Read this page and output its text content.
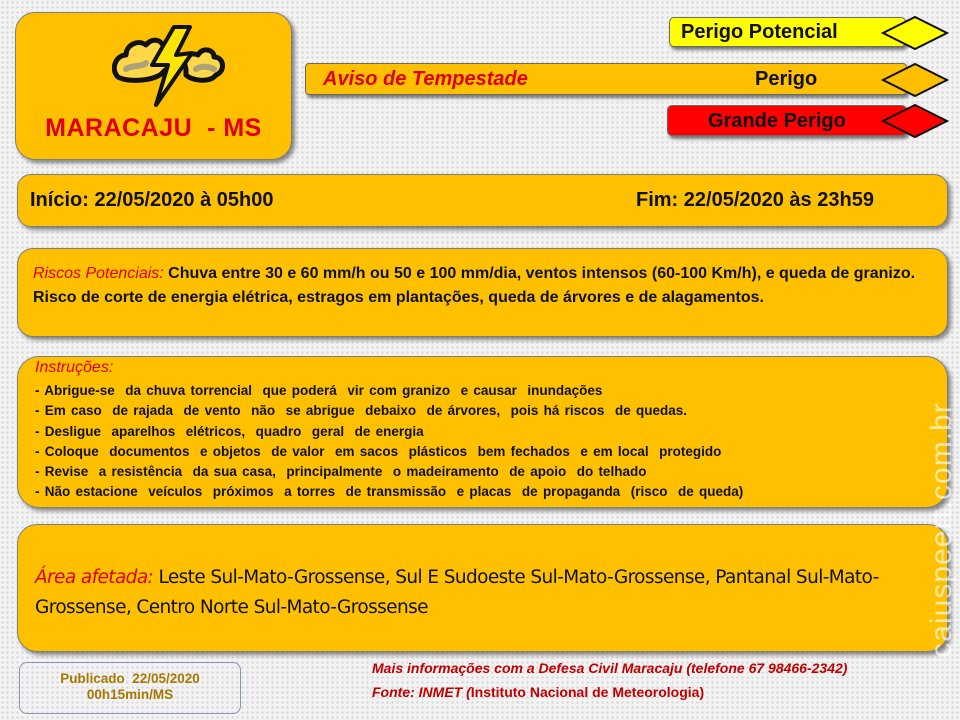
MARACAJU  - MS
Perigo Potencial
Aviso de Tempestade	Perigo
Grande Perigo
Início: 22/05/2020 à 05h00	Fim: 22/05/2020 às 23h59
Riscos Potenciais: Chuva entre 30 e 60 mm/h ou 50 e 100 mm/dia, ventos intensos (60-100 Km/h), e queda de granizo. Risco de corte de energia elétrica, estragos em plantações, queda de árvores e de alagamentos.
Instruções:
- Abrigue-se  da chuva torrencial  que poderá  vir com granizo  e causar  inundações
- Em caso  de rajada  de vento  não  se abrigue  debaixo  de árvores,  pois há riscos  de quedas.
- Desligue  aparelhos  elétricos,  quadro  geral  de energia
- Coloque  documentos  e objetos  de valor  em sacos  plásticos  bem fechados  e em local  protegido
- Revise  a resistência  da sua casa,  principalmente  o madeiramento  de apoio  do telhado
- Não estacione  veículos  próximos  a torres  de transmissão  e placas  de propaganda  (risco  de queda)
Área afetada: Leste Sul-Mato-Grossense, Sul E Sudoeste Sul-Mato-Grossense, Pantanal Sul-Mato-Grossense, Centro Norte Sul-Mato-Grossense
Publicado  22/05/2020
00h15min/MS
Mais informações com a Defesa Civil Maracaju (telefone 67 98466-2342)
Fonte: INMET (Instituto Nacional de Meteorologia)
caiuspeert.com.br
